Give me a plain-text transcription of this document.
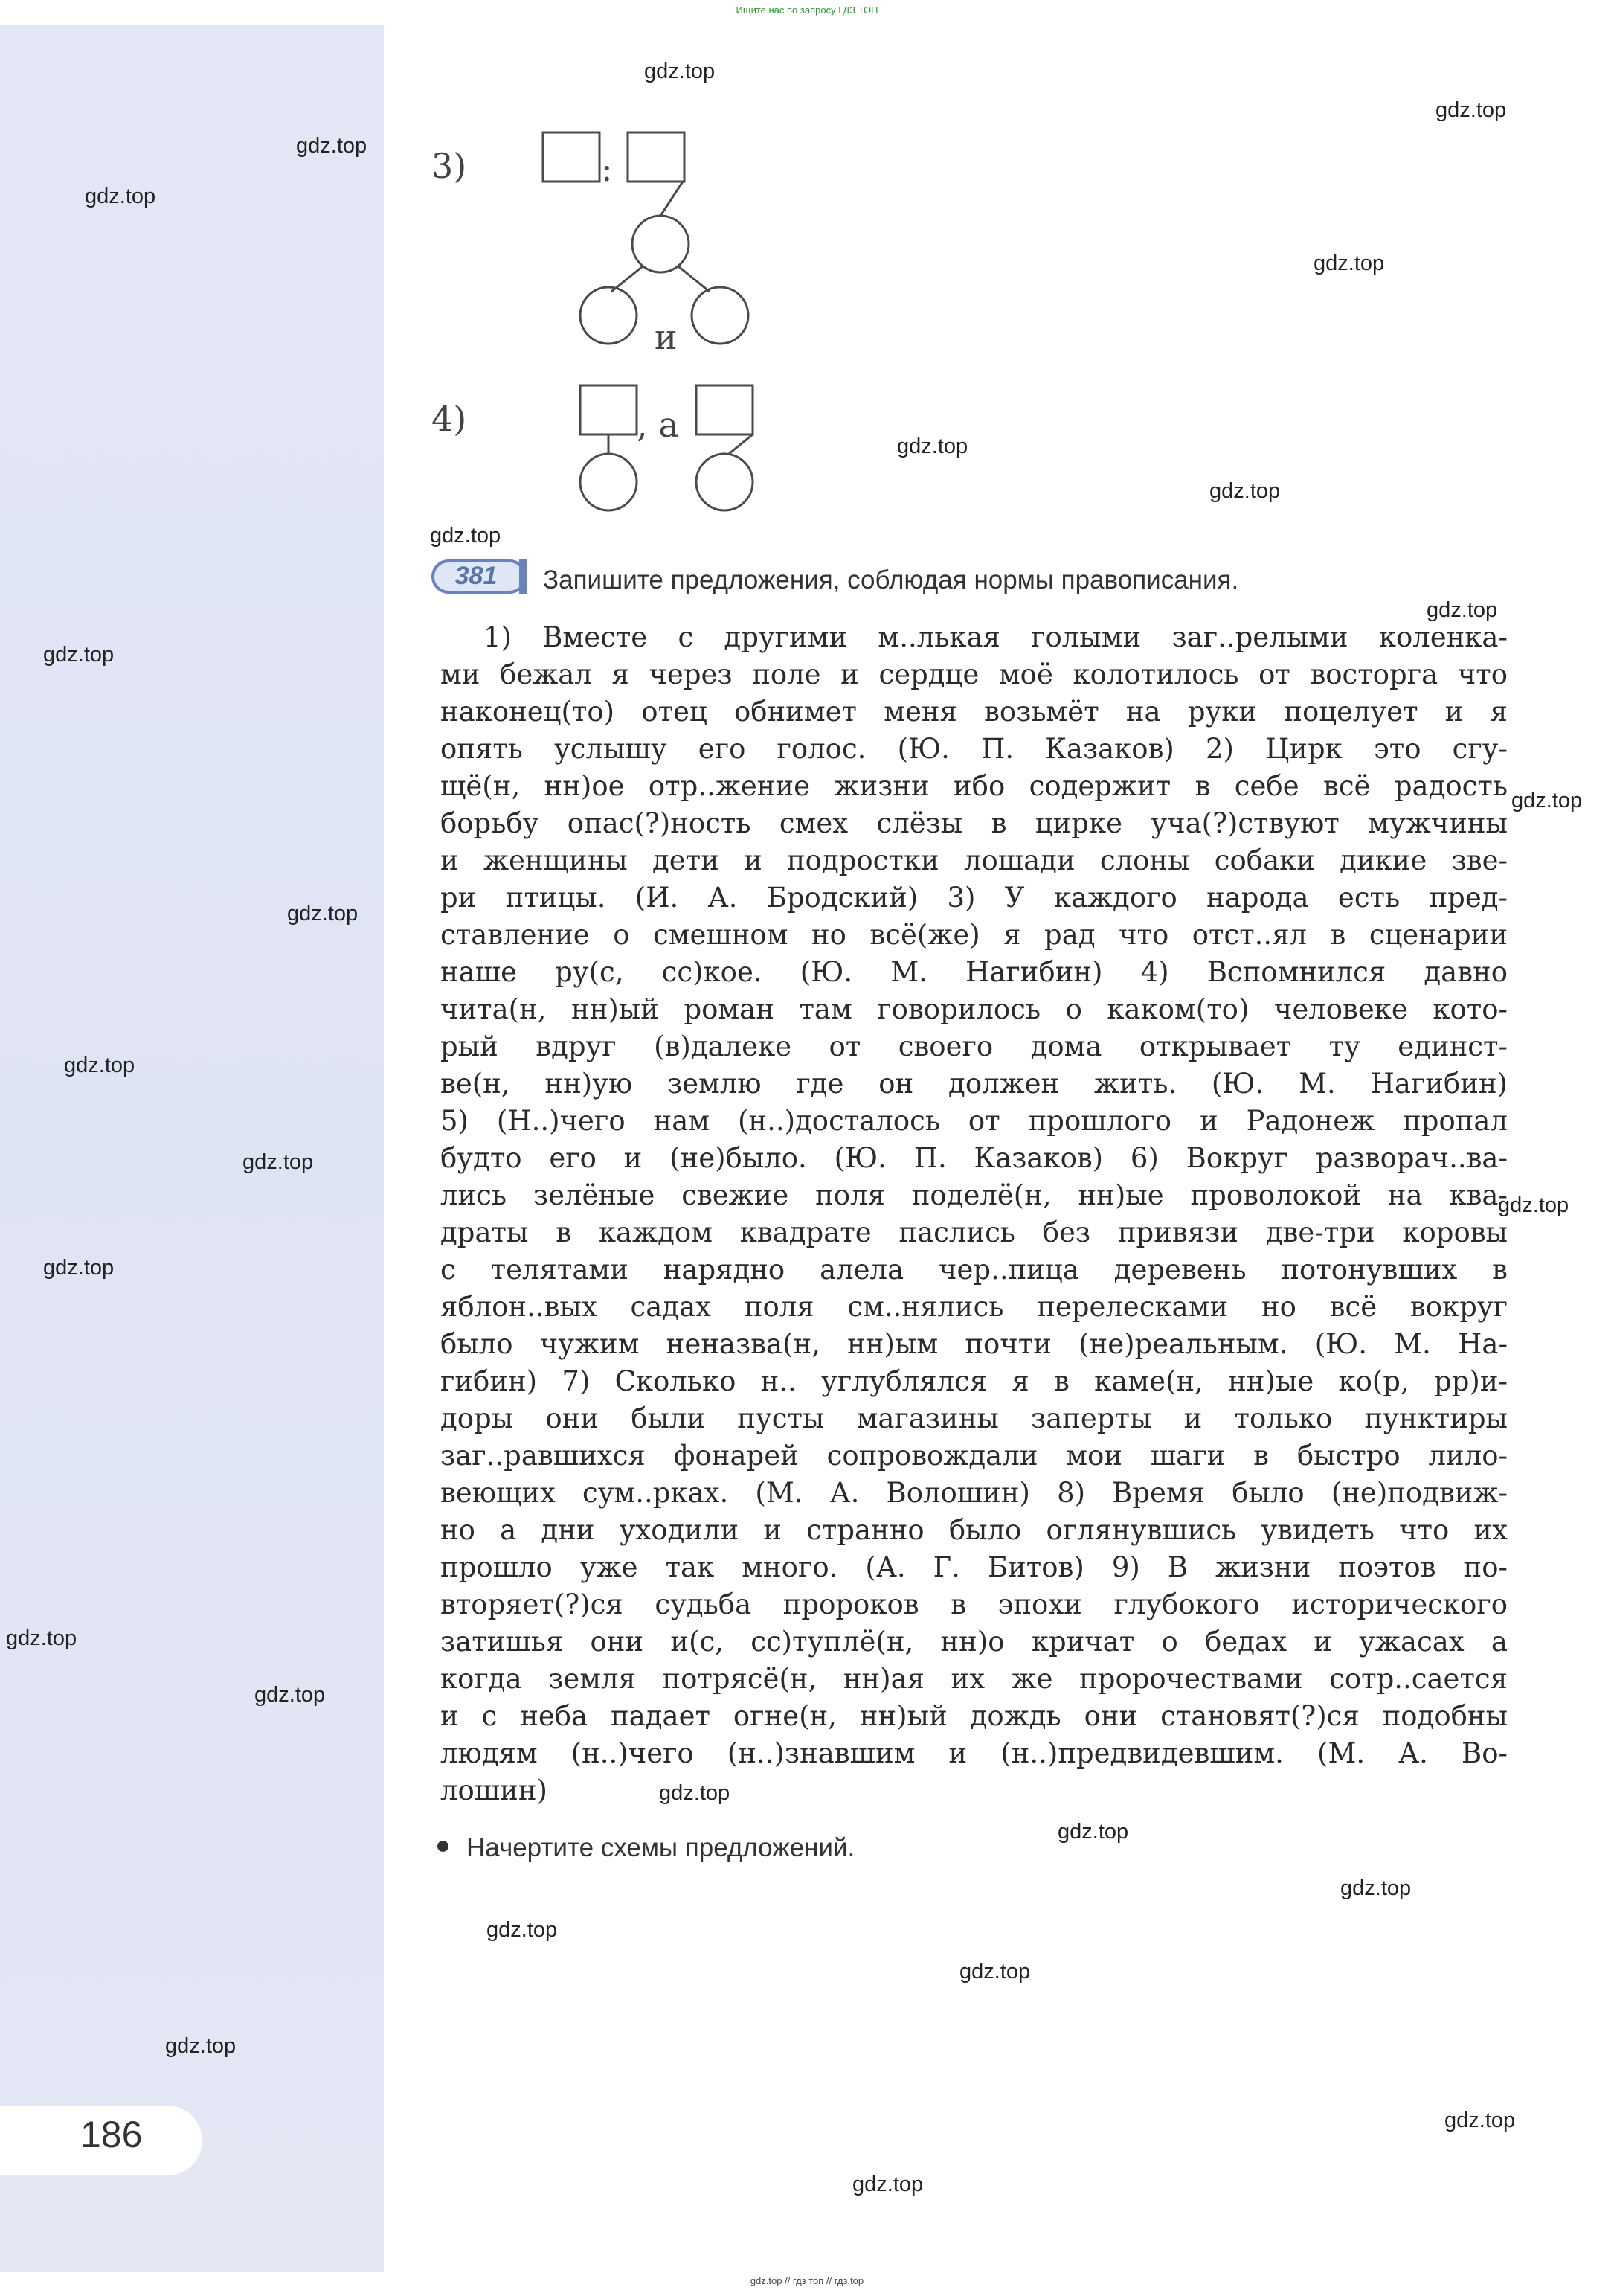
186
Ищите нас по запросу ГДЗ ТОП
gdz.top // гдз топ // гдз.top
3)	:
и
4)	, а
381	Запишите предложения, соблюдая нормы правописания.
1) Вместе с другими м..лькая голыми заг..релыми коленка-
ми бежал я через поле и сердце моё колотилось от восторга что
наконец(то) отец обнимет меня возьмёт на руки поцелует и я
опять услышу его голос. (Ю. П. Казаков) 2) Цирк это сгу-
щё(н, нн)ое отр..жение жизни ибо содержит в себе всё радость
борьбу опас(?)ность смех слёзы в цирке уча(?)ствуют мужчины
и женщины дети и подростки лошади слоны собаки дикие зве-
ри птицы. (И. А. Бродский) 3) У каждого народа есть пред-
ставление о смешном но всё(же) я рад что отст..ял в сценарии
наше ру(с, сс)кое. (Ю. М. Нагибин) 4) Вспомнился давно
чита(н, нн)ый роман там говорилось о каком(то) человеке кото-
рый вдруг (в)далеке от своего дома открывает ту единст-
ве(н, нн)ую землю где он должен жить. (Ю. М. Нагибин)
5) (Н..)чего нам (н..)досталось от прошлого и Радонеж пропал
будто его и (не)было. (Ю. П. Казаков) 6) Вокруг разворач..ва-
лись зелёные свежие поля поделё(н, нн)ые проволокой на ква-
драты в каждом квадрате паслись без привязи две-три коровы
с телятами нарядно алела чер..пица деревень потонувших в
яблон..вых садах поля см..нялись перелесками но всё вокруг
было чужим неназва(н, нн)ым почти (не)реальным. (Ю. М. На-
гибин) 7) Сколько н.. углублялся я в каме(н, нн)ые ко(р, рр)и-
доры они были пусты магазины заперты и только пунктиры
заг..равшихся фонарей сопровождали мои шаги в быстро лило-
веющих сум..рках. (М. А. Волошин) 8) Время было (не)подвиж-
но а дни уходили и странно было оглянувшись увидеть что их
прошло уже так много. (А. Г. Битов) 9) В жизни поэтов по-
вторяет(?)ся судьба пророков в эпохи глубокого исторического
затишья они и(с, сс)туплё(н, нн)о кричат о бедах и ужасах а
когда земля потрясё(н, нн)ая их же пророчествами сотр..сается
и с неба падает огне(н, нн)ый дождь они становят(?)ся подобны
людям (н..)чего (н..)знавшим и (н..)предвидевшим. (М. А. Во-
лошин)
Начертите схемы предложений.
gdz.top
gdz.top
gdz.top
gdz.top
gdz.top
gdz.top
gdz.top
gdz.top
gdz.top
gdz.top
gdz.top
gdz.top
gdz.top
gdz.top
gdz.top
gdz.top
gdz.top
gdz.top
gdz.top
gdz.top
gdz.top
gdz.top
gdz.top
gdz.top
gdz.top
gdz.top
